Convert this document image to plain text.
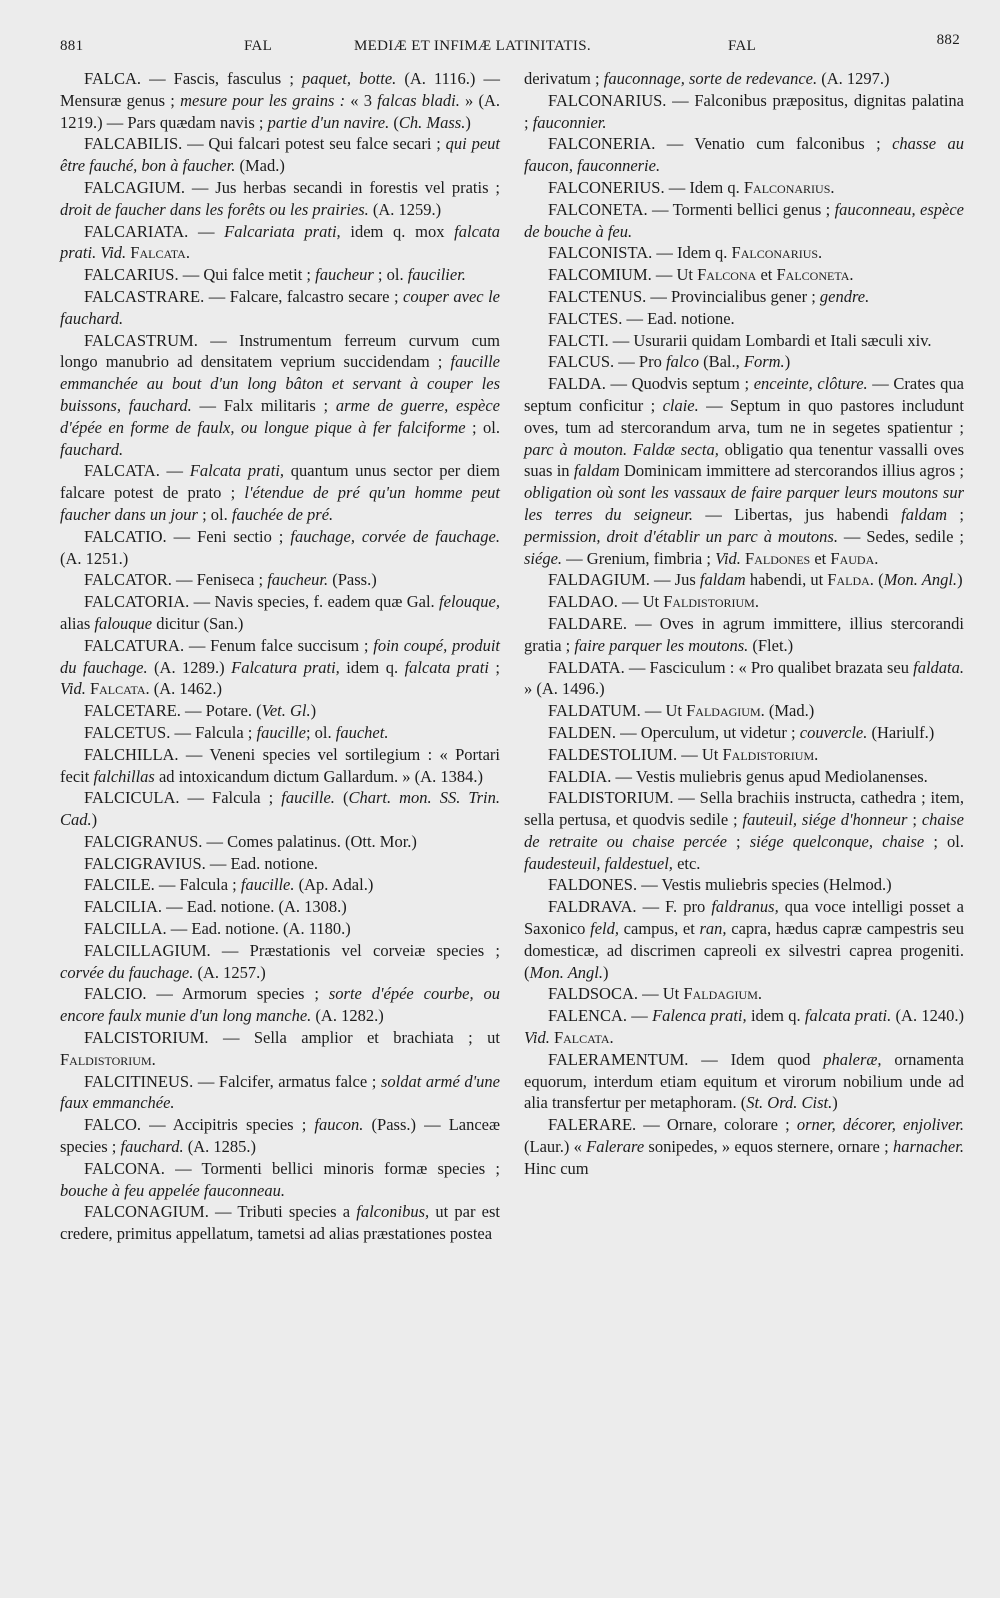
881	FAL	MEDIÆ ET INFIMÆ LATINITATIS.	FAL	882

FALCA. — Fascis, fasculus ; paquet, botte. (A. 1116.) — Mensuræ genus ; mesure pour les grains : « 3 falcas bladi. » (A. 1219.) — Pars quædam navis ; partie d'un navire. (Ch. Mass.)

FALCABILIS. — Qui falcari potest seu falce secari ; qui peut être fauché, bon à faucher. (Mad.)

FALCAGIUM. — Jus herbas secandi in forestis vel pratis ; droit de faucher dans les forêts ou les prairies. (A. 1259.)

FALCARIATA. — Falcariata prati, idem q. mox falcata prati. Vid. Falcata.

FALCARIUS. — Qui falce metit ; faucheur ; ol. faucilier.

FALCASTRARE. — Falcare, falcastro secare ; couper avec le fauchard.

FALCASTRUM. — Instrumentum ferreum curvum cum longo manubrio ad densitatem veprium succidendam ; faucille emmanchée au bout d'un long bâton et servant à couper les buissons, fauchard. — Falx militaris ; arme de guerre, espèce d'épée en forme de faulx, ou longue pique à fer falciforme ; ol. fauchard.

FALCATA. — Falcata prati, quantum unus sector per diem falcare potest de prato ; l'étendue de pré qu'un homme peut faucher dans un jour ; ol. fauchée de pré.

FALCATIO. — Feni sectio ; fauchage, corvée de fauchage. (A. 1251.)

FALCATOR. — Feniseca ; faucheur. (Pass.)

FALCATORIA. — Navis species, f. eadem quæ Gal. felouque, alias falouque dicitur (San.)

FALCATURA. — Fenum falce succisum ; foin coupé, produit du fauchage. (A. 1289.) Falcatura prati, idem q. falcata prati ; Vid. Falcata. (A. 1462.)

FALCETARE. — Potare. (Vet. Gl.)

FALCETUS. — Falcula ; faucille; ol. fauchet.

FALCHILLA. — Veneni species vel sortilegium : « Portari fecit falchillas ad intoxicandum dictum Gallardum. » (A. 1384.)

FALCICULA. — Falcula ; faucille. (Chart. mon. SS. Trin. Cad.)

FALCIGRANUS. — Comes palatinus. (Ott. Mor.)

FALCIGRAVIUS. — Ead. notione.

FALCILE. — Falcula ; faucille. (Ap. Adal.)

FALCILIA. — Ead. notione. (A. 1308.)

FALCILLA. — Ead. notione. (A. 1180.)

FALCILLAGIUM. — Præstationis vel corveiæ species ; corvée du fauchage. (A. 1257.)

FALCIO. — Armorum species ; sorte d'épée courbe, ou encore faulx munie d'un long manche. (A. 1282.)

FALCISTORIUM. — Sella amplior et brachiata ; ut Faldistorium.

FALCITINEUS. — Falcifer, armatus falce ; soldat armé d'une faux emmanchée.

FALCO. — Accipitris species ; faucon. (Pass.) — Lanceæ species ; fauchard. (A. 1285.)

FALCONA. — Tormenti bellici minoris formæ species ; bouche à feu appelée fauconneau.

FALCONAGIUM. — Tributi species a falconibus, ut par est credere, primitus appellatum, tametsi ad alias præstationes postea

derivatum ; fauconnage, sorte de redevance. (A. 1297.)

FALCONARIUS. — Falconibus præpositus, dignitas palatina ; fauconnier.

FALCONERIA. — Venatio cum falconibus ; chasse au faucon, fauconnerie.

FALCONERIUS. — Idem q. Falconarius.

FALCONETA. — Tormenti bellici genus ; fauconneau, espèce de bouche à feu.

FALCONISTA. — Idem q. Falconarius.

FALCOMIUM. — Ut Falcona et Falconeta.

FALCTENUS. — Provincialibus gener ; gendre.

FALCTES. — Ead. notione.

FALCTI. — Usurarii quidam Lombardi et Itali sæculi xiv.

FALCUS. — Pro falco (Bal., Form.)

FALDA. — Quodvis septum ; enceinte, clôture. — Crates qua septum conficitur ; claie. — Septum in quo pastores includunt oves, tum ad stercorandum arva, tum ne in segetes spatientur ; parc à mouton. Faldæ secta, obligatio qua tenentur vassalli oves suas in faldam Dominicam immittere ad stercorandos illius agros ; obligation où sont les vassaux de faire parquer leurs moutons sur les terres du seigneur. — Libertas, jus habendi faldam ; permission, droit d'établir un parc à moutons. — Sedes, sedile ; siége. — Grenium, fimbria ; Vid. Faldones et Fauda.

FALDAGIUM. — Jus faldam habendi, ut Falda. (Mon. Angl.)

FALDAO. — Ut Faldistorium.

FALDARE. — Oves in agrum immittere, illius stercorandi gratia ; faire parquer les moutons. (Flet.)

FALDATA. — Fasciculum : « Pro qualibet brazata seu faldata. » (A. 1496.)

FALDATUM. — Ut Faldagium. (Mad.)

FALDEN. — Operculum, ut videtur ; couvercle. (Hariulf.)

FALDESTOLIUM. — Ut Faldistorium.

FALDIA. — Vestis muliebris genus apud Mediolanenses.

FALDISTORIUM. — Sella brachiis instructa, cathedra ; item, sella pertusa, et quodvis sedile ; fauteuil, siége d'honneur ; chaise de retraite ou chaise percée ; siége quelconque, chaise ; ol. faudesteuil, faldestuel, etc.

FALDONES. — Vestis muliebris species (Helmod.)

FALDRAVA. — F. pro faldranus, qua voce intelligi posset a Saxonico feld, campus, et ran, capra, hædus capræ campestris seu domesticæ, ad discrimen capreoli ex silvestri caprea progeniti. (Mon. Angl.)

FALDSOCA. — Ut Faldagium.

FALENCA. — Falenca prati, idem q. falcata prati. (A. 1240.) Vid. Falcata.

FALERAMENTUM. — Idem quod phaleræ, ornamenta equorum, interdum etiam equitum et virorum nobilium unde ad alia transfertur per metaphoram. (St. Ord. Cist.)

FALERARE. — Ornare, colorare ; orner, décorer, enjoliver. (Laur.) « Falerare sonipedes, » equos sternere, ornare ; harnacher. Hinc cum
